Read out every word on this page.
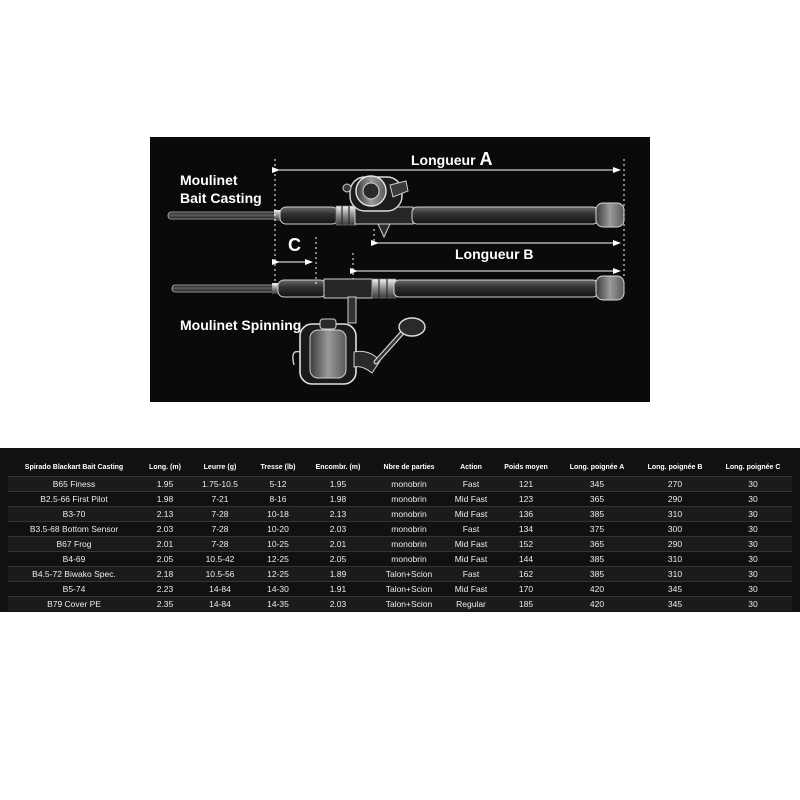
Moulinet
Bait Casting
Longueur A
C	Longueur B
Moulinet Spinning
Spirado Blackart Bait Casting	Long. (m)	Leurre (g)	Tresse (lb)	Encombr. (m)	Nbre de parties	Action	Poids moyen	Long. poignée A	Long. poignée B	Long. poignée C
B65 Finess	1.95	1.75-10.5	5-12	1.95	monobrin	Fast	121	345	270	30
B2.5-66 First Pilot	1.98	7-21	8-16	1.98	monobrin	Mid Fast	123	365	290	30
B3-70	2.13	7-28	10-18	2.13	monobrin	Mid Fast	136	385	310	30
B3.5-68 Bottom Sensor	2.03	7-28	10-20	2.03	monobrin	Fast	134	375	300	30
B67 Frog	2.01	7-28	10-25	2.01	monobrin	Mid Fast	152	365	290	30
B4-69	2.05	10.5-42	12-25	2.05	monobrin	Mid Fast	144	385	310	30
B4.5-72 Biwako Spec.	2.18	10.5-56	12-25	1.89	Talon+Scion	Fast	162	385	310	30
B5-74	2.23	14-84	14-30	1.91	Talon+Scion	Mid Fast	170	420	345	30
B79 Cover PE	2.35	14-84	14-35	2.03	Talon+Scion	Regular	185	420	345	30
